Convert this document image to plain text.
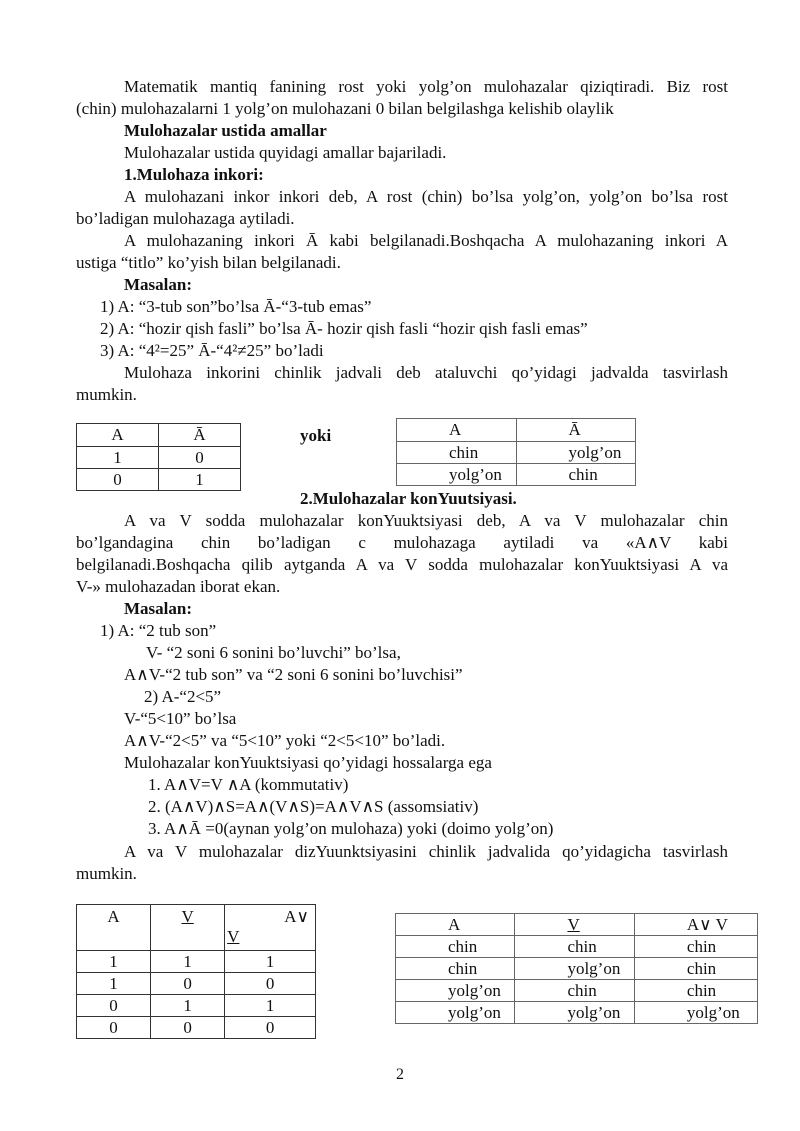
Matematik mantiq fanining rost yoki yolg’on mulohazalar qiziqtiradi. Biz rost
(chin) mulohazalarni 1 yolg’on mulohazani 0 bilan belgilashga kelishib olaylik
Mulohazalar ustida amallar
Mulohazalar ustida quyidagi amallar bajariladi.
1.Mulohaza inkori:
A mulohazani inkor inkori deb, A rost (chin) bo’lsa yolg’on, yolg’on bo’lsa rost
bo’ladigan mulohazaga aytiladi.
A mulohazaning inkori Ā kabi belgilanadi.Boshqacha A mulohazaning inkori A
ustiga “titlo” ko’yish bilan belgilanadi.
Masalan:
1) A: “3-tub son”bo’lsa Ā-“3-tub emas”
2) A: “hozir qish fasli” bo’lsa Ā- hozir qish fasli “hozir qish fasli emas”
3) A: “4²=25” Ā-“4²≠25” bo’ladi
Mulohaza inkorini chinlik jadvali deb ataluvchi qo’yidagi jadvalda tasvirlash
mumkin.
A	Ā
1	0
0	1
yoki	A	Ā
chin	yolg’on
yolg’on	chin
2.Mulohazalar konYuutsiyasi.
A va V sodda mulohazalar konYuuktsiyasi deb, A va V mulohazalar chin
bo’lgandagina chin bo’ladigan c mulohazaga aytiladi va «A∧V kabi
belgilanadi.Boshqacha qilib aytganda A va V sodda mulohazalar konYuuktsiyasi A va
V-» mulohazadan iborat ekan.
Masalan:
1) A: “2 tub son”
V- “2 soni 6 sonini bo’luvchi” bo’lsa,
A∧V-“2 tub son” va “2 soni 6 sonini bo’luvchisi”
2) A-“2<5”
V-“5<10” bo’lsa
A∧V-“2<5” va “5<10” yoki “2<5<10” bo’ladi.
Mulohazalar konYuuktsiyasi qo’yidagi hossalarga ega
1. A∧V=V ∧A (kommutativ)
2. (A∧V)∧S=A∧(V∧S)=A∧V∧S (assomsiativ)
3. A∧Ā =0(aynan yolg’on mulohaza) yoki (doimo yolg’on)
A va V mulohazalar dizYuunktsiyasini chinlik jadvalida qo’yidagicha tasvirlash
mumkin.
A	V	A∨
V

1	1	1
1	0	0
0	1	1
0	0	0
A	V	A∨ V
chin	chin	chin
chin	yolg’on	chin
yolg’on	chin	chin
yolg’on	yolg’on	yolg’on
2
